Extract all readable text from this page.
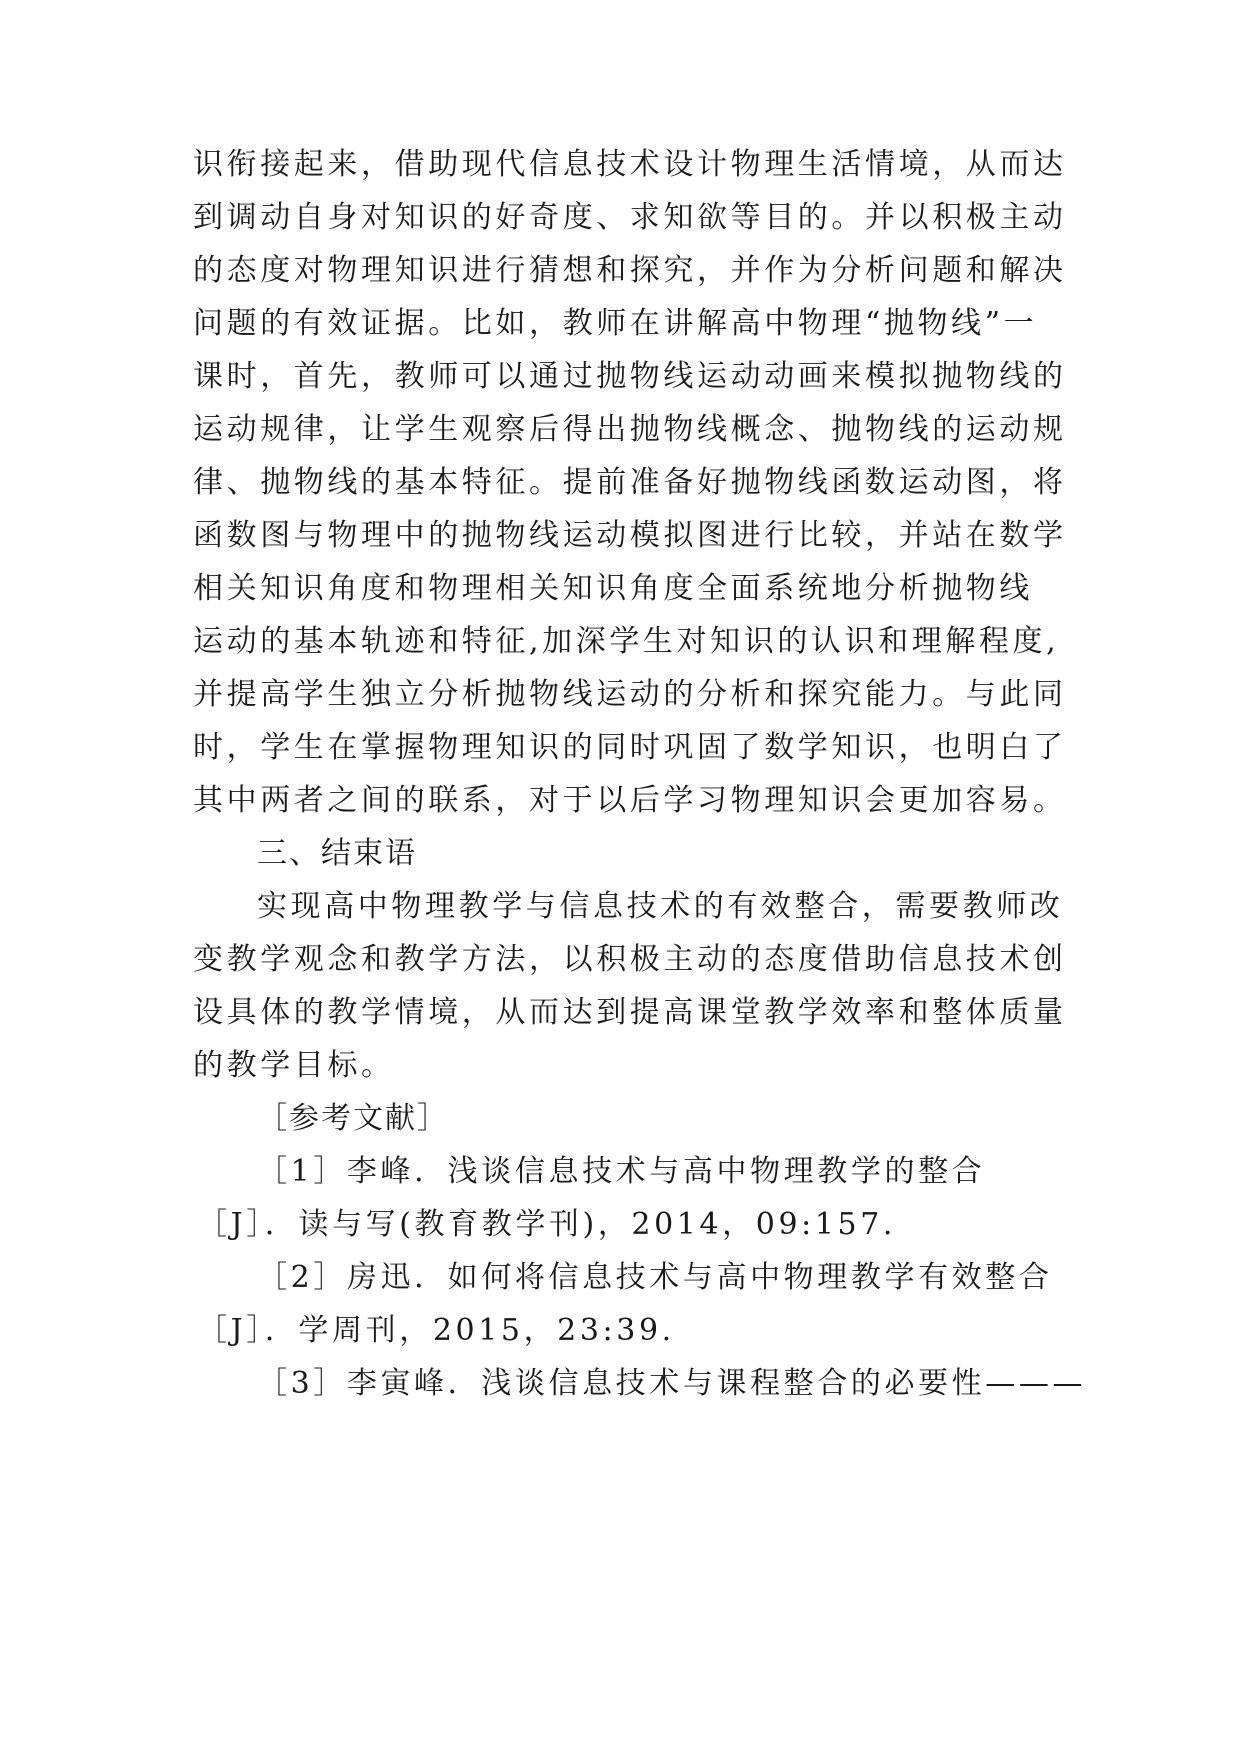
识衔接起来，借助现代信息技术设计物理生活情境，从而达
到调动自身对知识的好奇度、求知欲等目的。并以积极主动
的态度对物理知识进行猜想和探究，并作为分析问题和解决
问题的有效证据。比如，教师在讲解高中物理“抛物线”一
课时，首先，教师可以通过抛物线运动动画来模拟抛物线的
运动规律，让学生观察后得出抛物线概念、抛物线的运动规
律、抛物线的基本特征。提前准备好抛物线函数运动图，将
函数图与物理中的抛物线运动模拟图进行比较，并站在数学
相关知识角度和物理相关知识角度全面系统地分析抛物线
运动的基本轨迹和特征,加深学生对知识的认识和理解程度,
并提高学生独立分析抛物线运动的分析和探究能力。与此同
时，学生在掌握物理知识的同时巩固了数学知识，也明白了
其中两者之间的联系，对于以后学习物理知识会更加容易。
三、结束语
实现高中物理教学与信息技术的有效整合，需要教师改
变教学观念和教学方法，以积极主动的态度借助信息技术创
设具体的教学情境，从而达到提高课堂教学效率和整体质量
的教学目标。
［参考文献］
［1］李峰．浅谈信息技术与高中物理教学的整合
［J］．读与写(教育教学刊)，2014，09:157.
［2］房迅．如何将信息技术与高中物理教学有效整合
［J］．学周刊，2015，23:39.
［3］李寅峰．浅谈信息技术与课程整合的必要性———
